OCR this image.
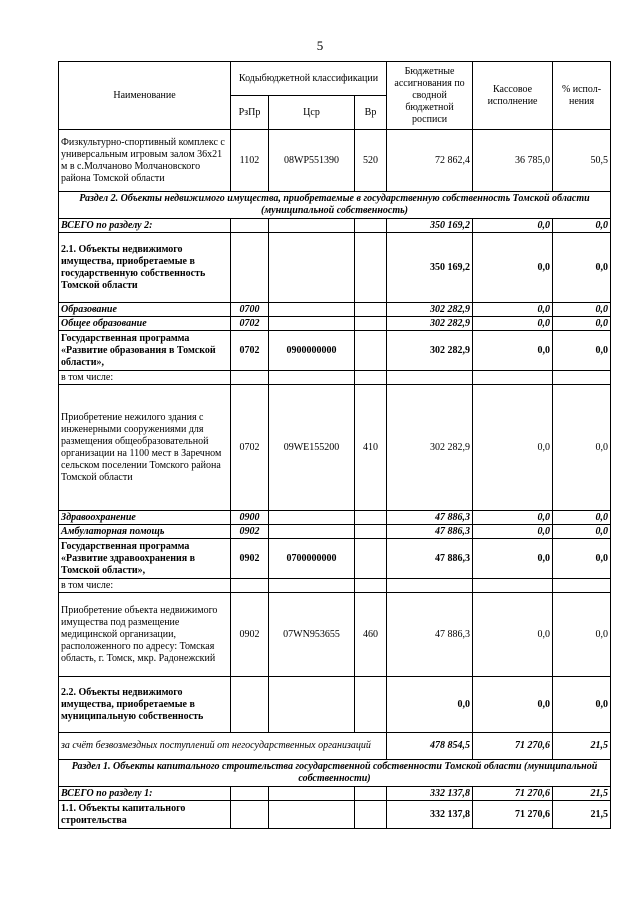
5
Наименование	Кодыбюджетной классификации			Бюджетные ассигнования по сводной бюджетной росписи	Кассовое исполнение	% испол-нения
	РзПр	Цср	Вр			
Физкультурно-спортивный комплекс с универсальным игровым залом 36х21 м в с.Молчаново Молчановского района Томской области	1102	08WP551390	520	72 862,4	36 785,0	50,5
Раздел 2. Объекты недвижимого имущества, приобретаемые в государственную собственность Томской области (муниципальной собственность)						
ВСЕГО по разделу 2:				350 169,2	0,0	0,0
2.1. Объекты недвижимого имущества, приобретаемые в государственную собственность Томской области				350 169,2	0,0	0,0
Образование	0700			302 282,9	0,0	0,0
Общее образование	0702			302 282,9	0,0	0,0
Государственная программа «Развитие образования в Томской области»,	0702	0900000000		302 282,9	0,0	0,0
в том числе:						
Приобретение нежилого здания с инженерными сооружениями для размещения общеобразовательной организации на 1100 мест в Заречном сельском поселении Томского района Томской области	0702	09WE155200	410	302 282,9	0,0	0,0
Здравоохранение	0900			47 886,3	0,0	0,0
Амбулаторная помощь	0902			47 886,3	0,0	0,0
Государственная программа «Развитие здравоохранения в Томской области»,	0902	0700000000		47 886,3	0,0	0,0
в том числе:						
Приобретение объекта недвижимого имущества под размещение медицинской организации, расположенного по адресу: Томская область, г. Томск, мкр. Радонежский	0902	07WN953655	460	47 886,3	0,0	0,0
2.2. Объекты недвижимого имущества, приобретаемые в муниципальную собственность				0,0	0,0	0,0
за счёт безвозмездных поступлений от негосударственных организаций				478 854,5	71 270,6	21,5
Раздел 1. Объекты капитального строительства государственной собственности Томской области (муниципальной собственности)						
ВСЕГО по разделу 1:				332 137,8	71 270,6	21,5
1.1. Объекты капитального строительства				332 137,8	71 270,6	21,5
